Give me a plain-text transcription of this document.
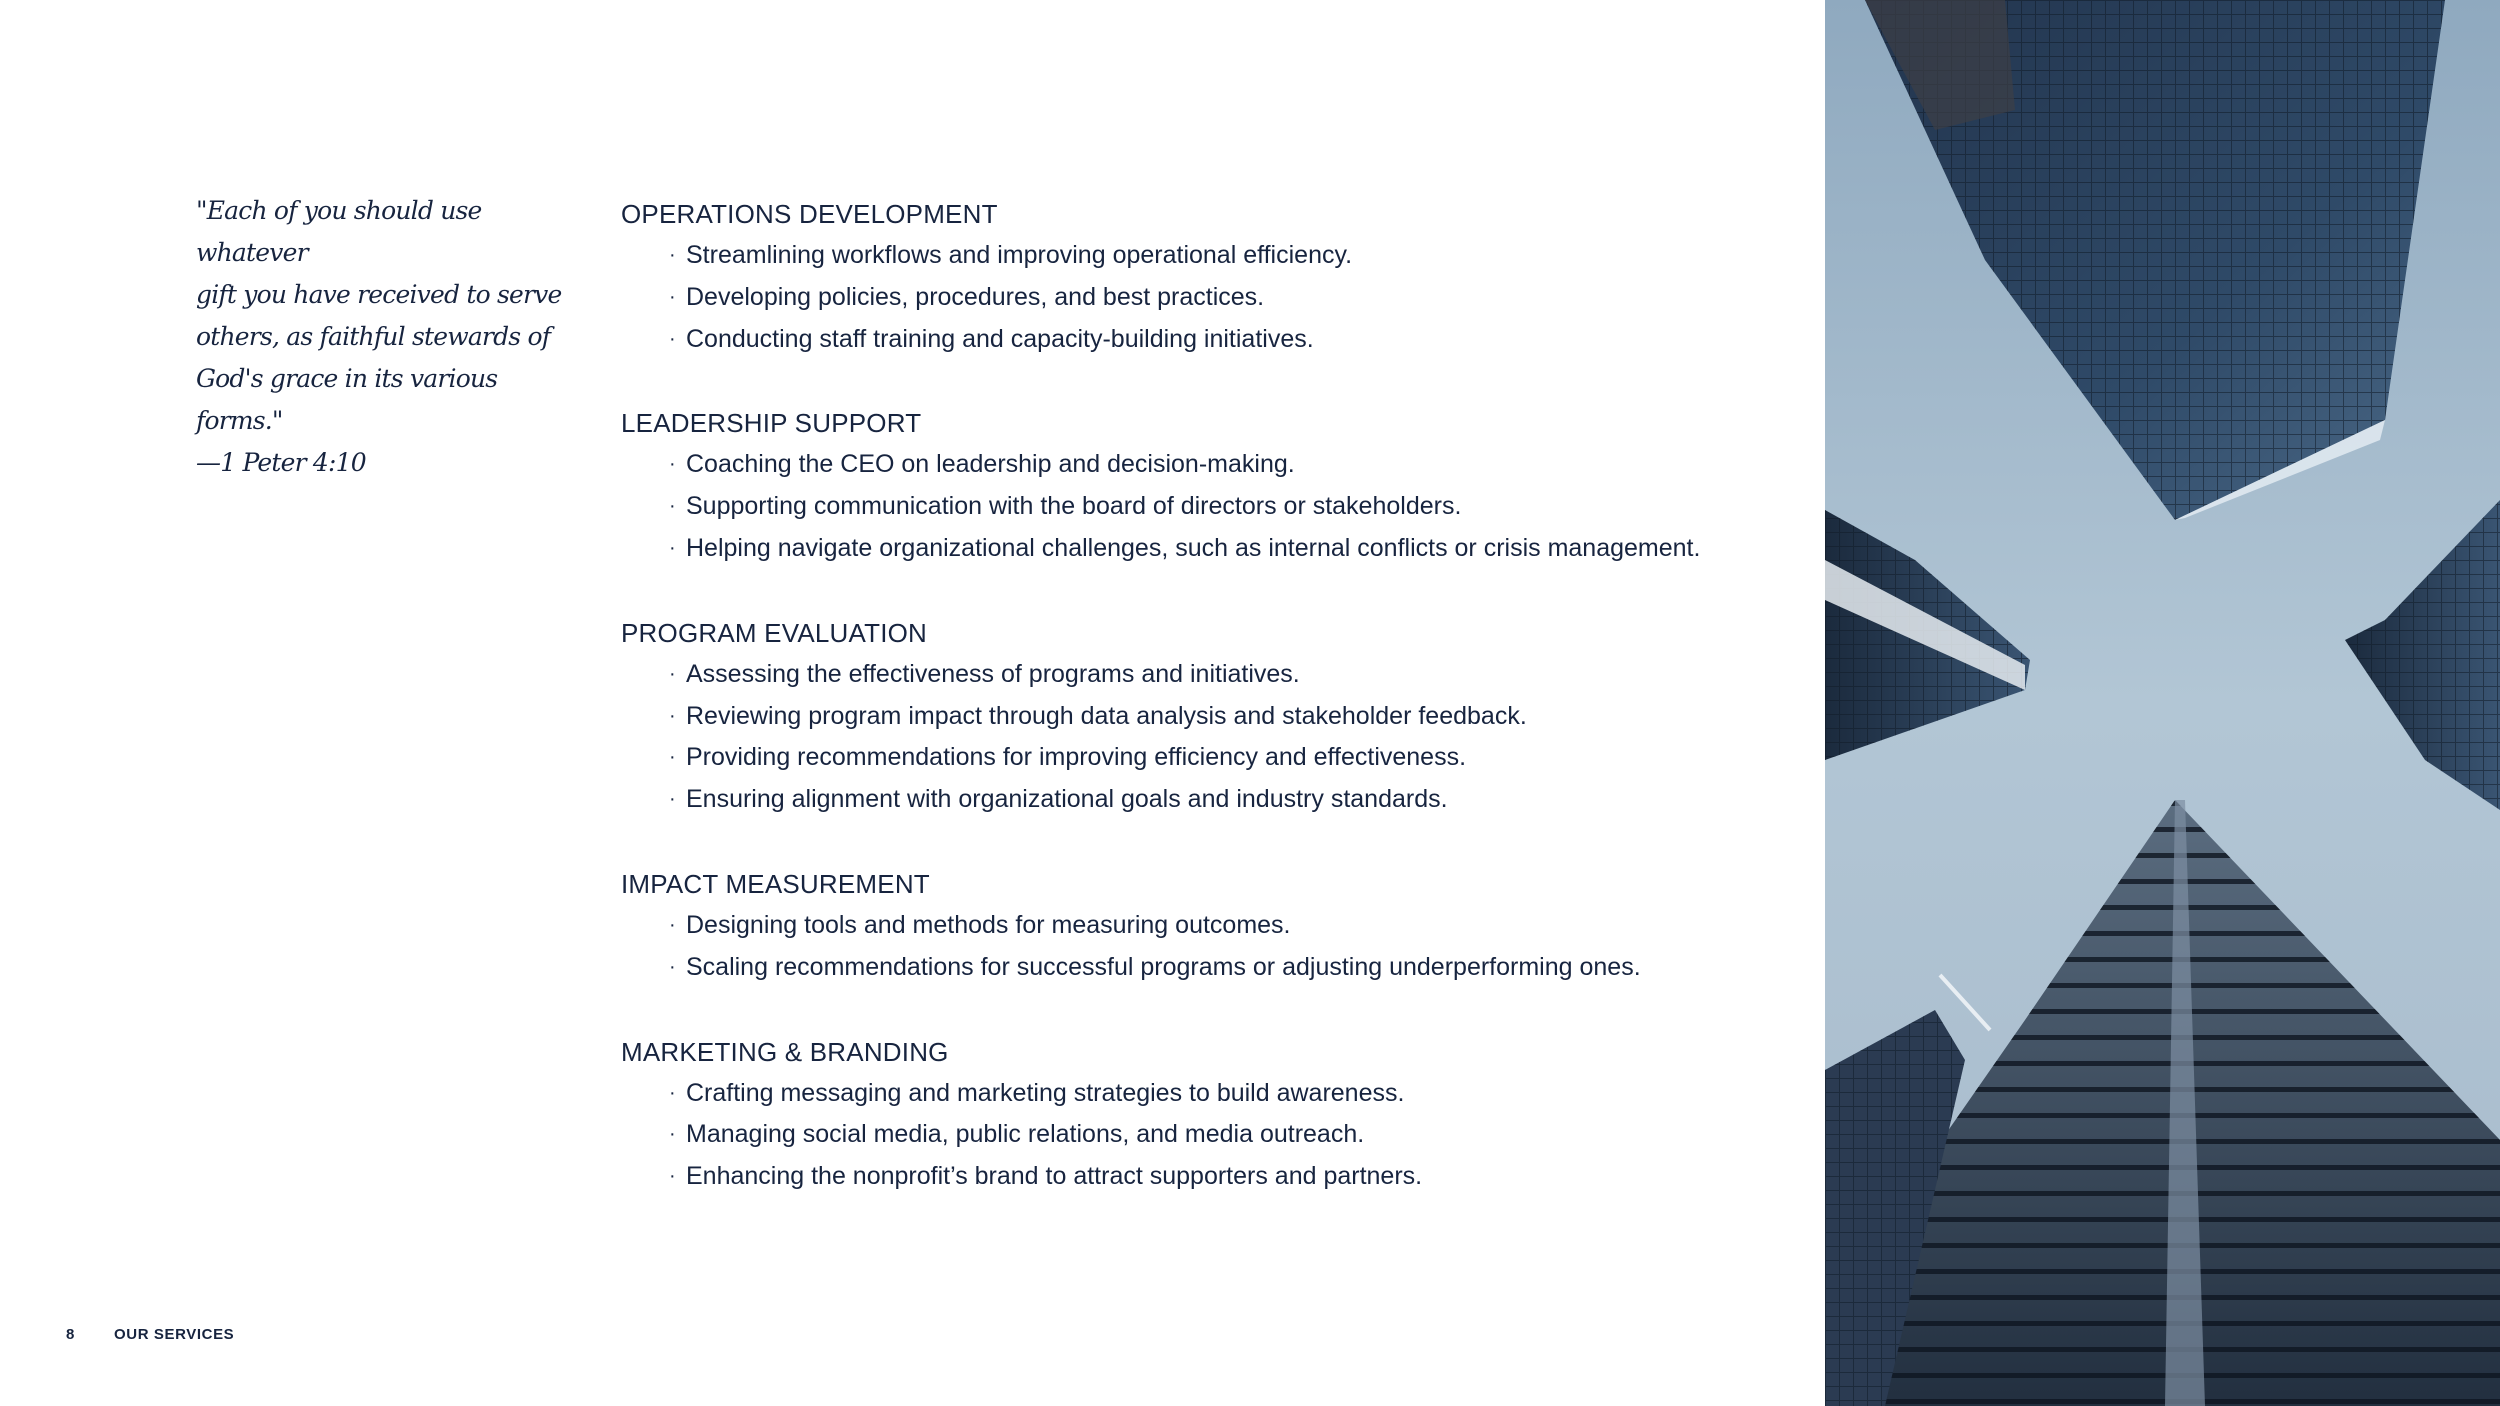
"Each of you should use whatever
gift you have received to serve
others, as faithful stewards of
God's grace in its various forms."

—1 Peter 4:10
OPERATIONS DEVELOPMENT
· Streamlining workflows and improving operational efficiency.
· Developing policies, procedures, and best practices.
· Conducting staff training and capacity-building initiatives.
LEADERSHIP SUPPORT
· Coaching the CEO on leadership and decision-making.
· Supporting communication with the board of directors or stakeholders.
· Helping navigate organizational challenges, such as internal conflicts or crisis management.
PROGRAM EVALUATION
· Assessing the effectiveness of programs and initiatives.
· Reviewing program impact through data analysis and stakeholder feedback.
· Providing recommendations for improving efficiency and effectiveness.
· Ensuring alignment with organizational goals and industry standards.
IMPACT MEASUREMENT
· Designing tools and methods for measuring outcomes.
· Scaling recommendations for successful programs or adjusting underperforming ones.
MARKETING & BRANDING
· Crafting messaging and marketing strategies to build awareness.
· Managing social media, public relations, and media outreach.
· Enhancing the nonprofit’s brand to attract supporters and partners.
8	OUR SERVICES
